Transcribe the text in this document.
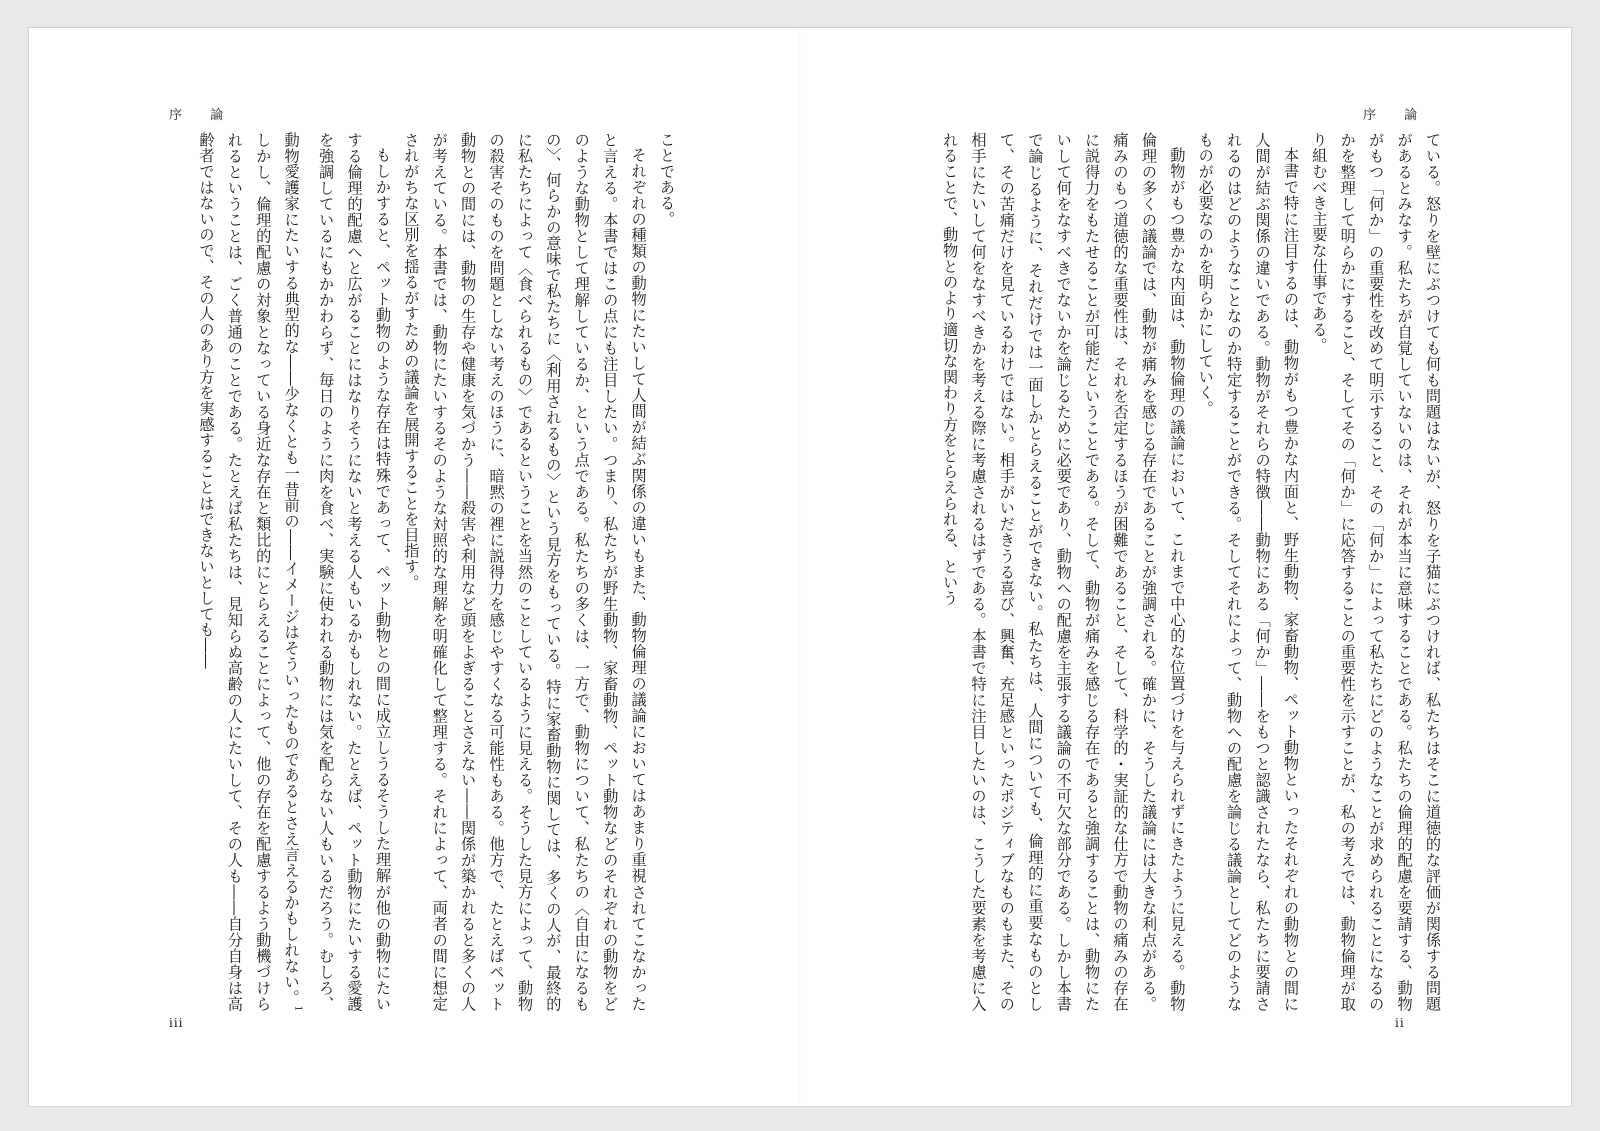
序 論

ことである。

それぞれの種類の動物にたいして人間が結ぶ関係の違いもまた、動物倫理の議論においてはあまり重視されてこなかったと言える。本書ではこの点にも注目したい。つまり、私たちが野生動物、家畜動物、ペット動物などのそれぞれの動物をどのような動物として理解しているか、という点である。私たちの多くは、一方で、動物について、私たちの〈自由になるもの〉、何らかの意味で私たちに〈利用されるもの〉という見方をもっている。特に家畜動物に関しては、多くの人が、最終的に私たちによって〈食べられるもの〉であるということを当然のことしているように見える。そうした見方によって、動物の殺害そのものを問題としない考えのほうに、暗黙の裡に説得力を感じやすくなる可能性もある。他方で、たとえばペット動物との間には、動物の生存や健康を気づかう――殺害や利用など頭をよぎることさえない――関係が築かれると多くの人が考えている。本書では、動物にたいするそのような対照的な理解を明確化して整理する。それによって、両者の間に想定されがちな区別を揺るがすための議論を展開することを目指す。

もしかすると、ペット動物のような存在は特殊であって、ペット動物との間に成立しうるそうした理解が他の動物にたいする倫理的配慮へと広がることにはなりそうにないと考える人もいるかもしれない。たとえば、ペット動物にたいする愛護を強調しているにもかかわらず、毎日のように肉を食べ、実験に使われる動物には気を配らない人もいるだろう。むしろ、動物愛護家にたいする典型的な――少なくとも一昔前の――イメージはそういったものであるとさえ言えるかもしれない。$^1$しかし、倫理的配慮の対象となっている身近な存在と類比的にとらえることによって、他の存在を配慮するよう動機づけられるということは、ごく普通のことである。たとえば私たちは、見知らぬ高齢の人にたいして、その人も――自分自身は高齢者ではないので、その人のあり方を実感することはできないとしても――

iii
序 論

ている。怒りを壁にぶつけても何も問題はないが、怒りを子猫にぶつければ、私たちはそこに道徳的な評価が関係する問題があるとみなす。私たちが自覚していないのは、それが本当に意味することである。私たちの倫理的配慮を要請する、動物がもつ「何か」の重要性を改めて明示すること、その「何か」によって私たちにどのようなことが求められることになるのかを整理して明らかにすること、そしてその「何か」に応答することの重要性を示すことが、私の考えでは、動物倫理が取り組むべき主要な仕事である。

本書で特に注目するのは、動物がもつ豊かな内面と、野生動物、家畜動物、ペット動物といったそれぞれの動物との間に人間が結ぶ関係の違いである。動物がそれらの特徴――動物にある「何か」――をもつと認識されたなら、私たちに要請されるのはどのようなことなのか特定することができる。そしてそれによって、動物への配慮を論じる議論としてどのようなものが必要なのかを明らかにしていく。

動物がもつ豊かな内面は、動物倫理の議論において、これまで中心的な位置づけを与えられずにきたように見える。動物倫理の多くの議論では、動物が痛みを感じる存在であることが強調される。確かに、そうした議論には大きな利点がある。痛みのもつ道徳的な重要性は、それを否定するほうが困難であること、そして、科学的・実証的な仕方で動物の痛みの存在に説得力をもたせることが可能だということである。そして、動物が痛みを感じる存在であると強調することは、動物にたいして何をなすべきでないかを論じるために必要であり、動物への配慮を主張する議論の不可欠な部分である。しかし本書で論じるように、それだけでは一面しかとらえることができない。私たちは、人間についても、倫理的に重要なものとして、その苦痛だけを見ているわけではない。相手がいだきうる喜び、興奮、充足感といったポジティブなものもまた、その相手にたいして何をなすべきかを考える際に考慮されるはずである。本書で特に注目したいのは、こうした要素を考慮に入れることで、動物とのより適切な関わり方をとらえられる、という

ii
